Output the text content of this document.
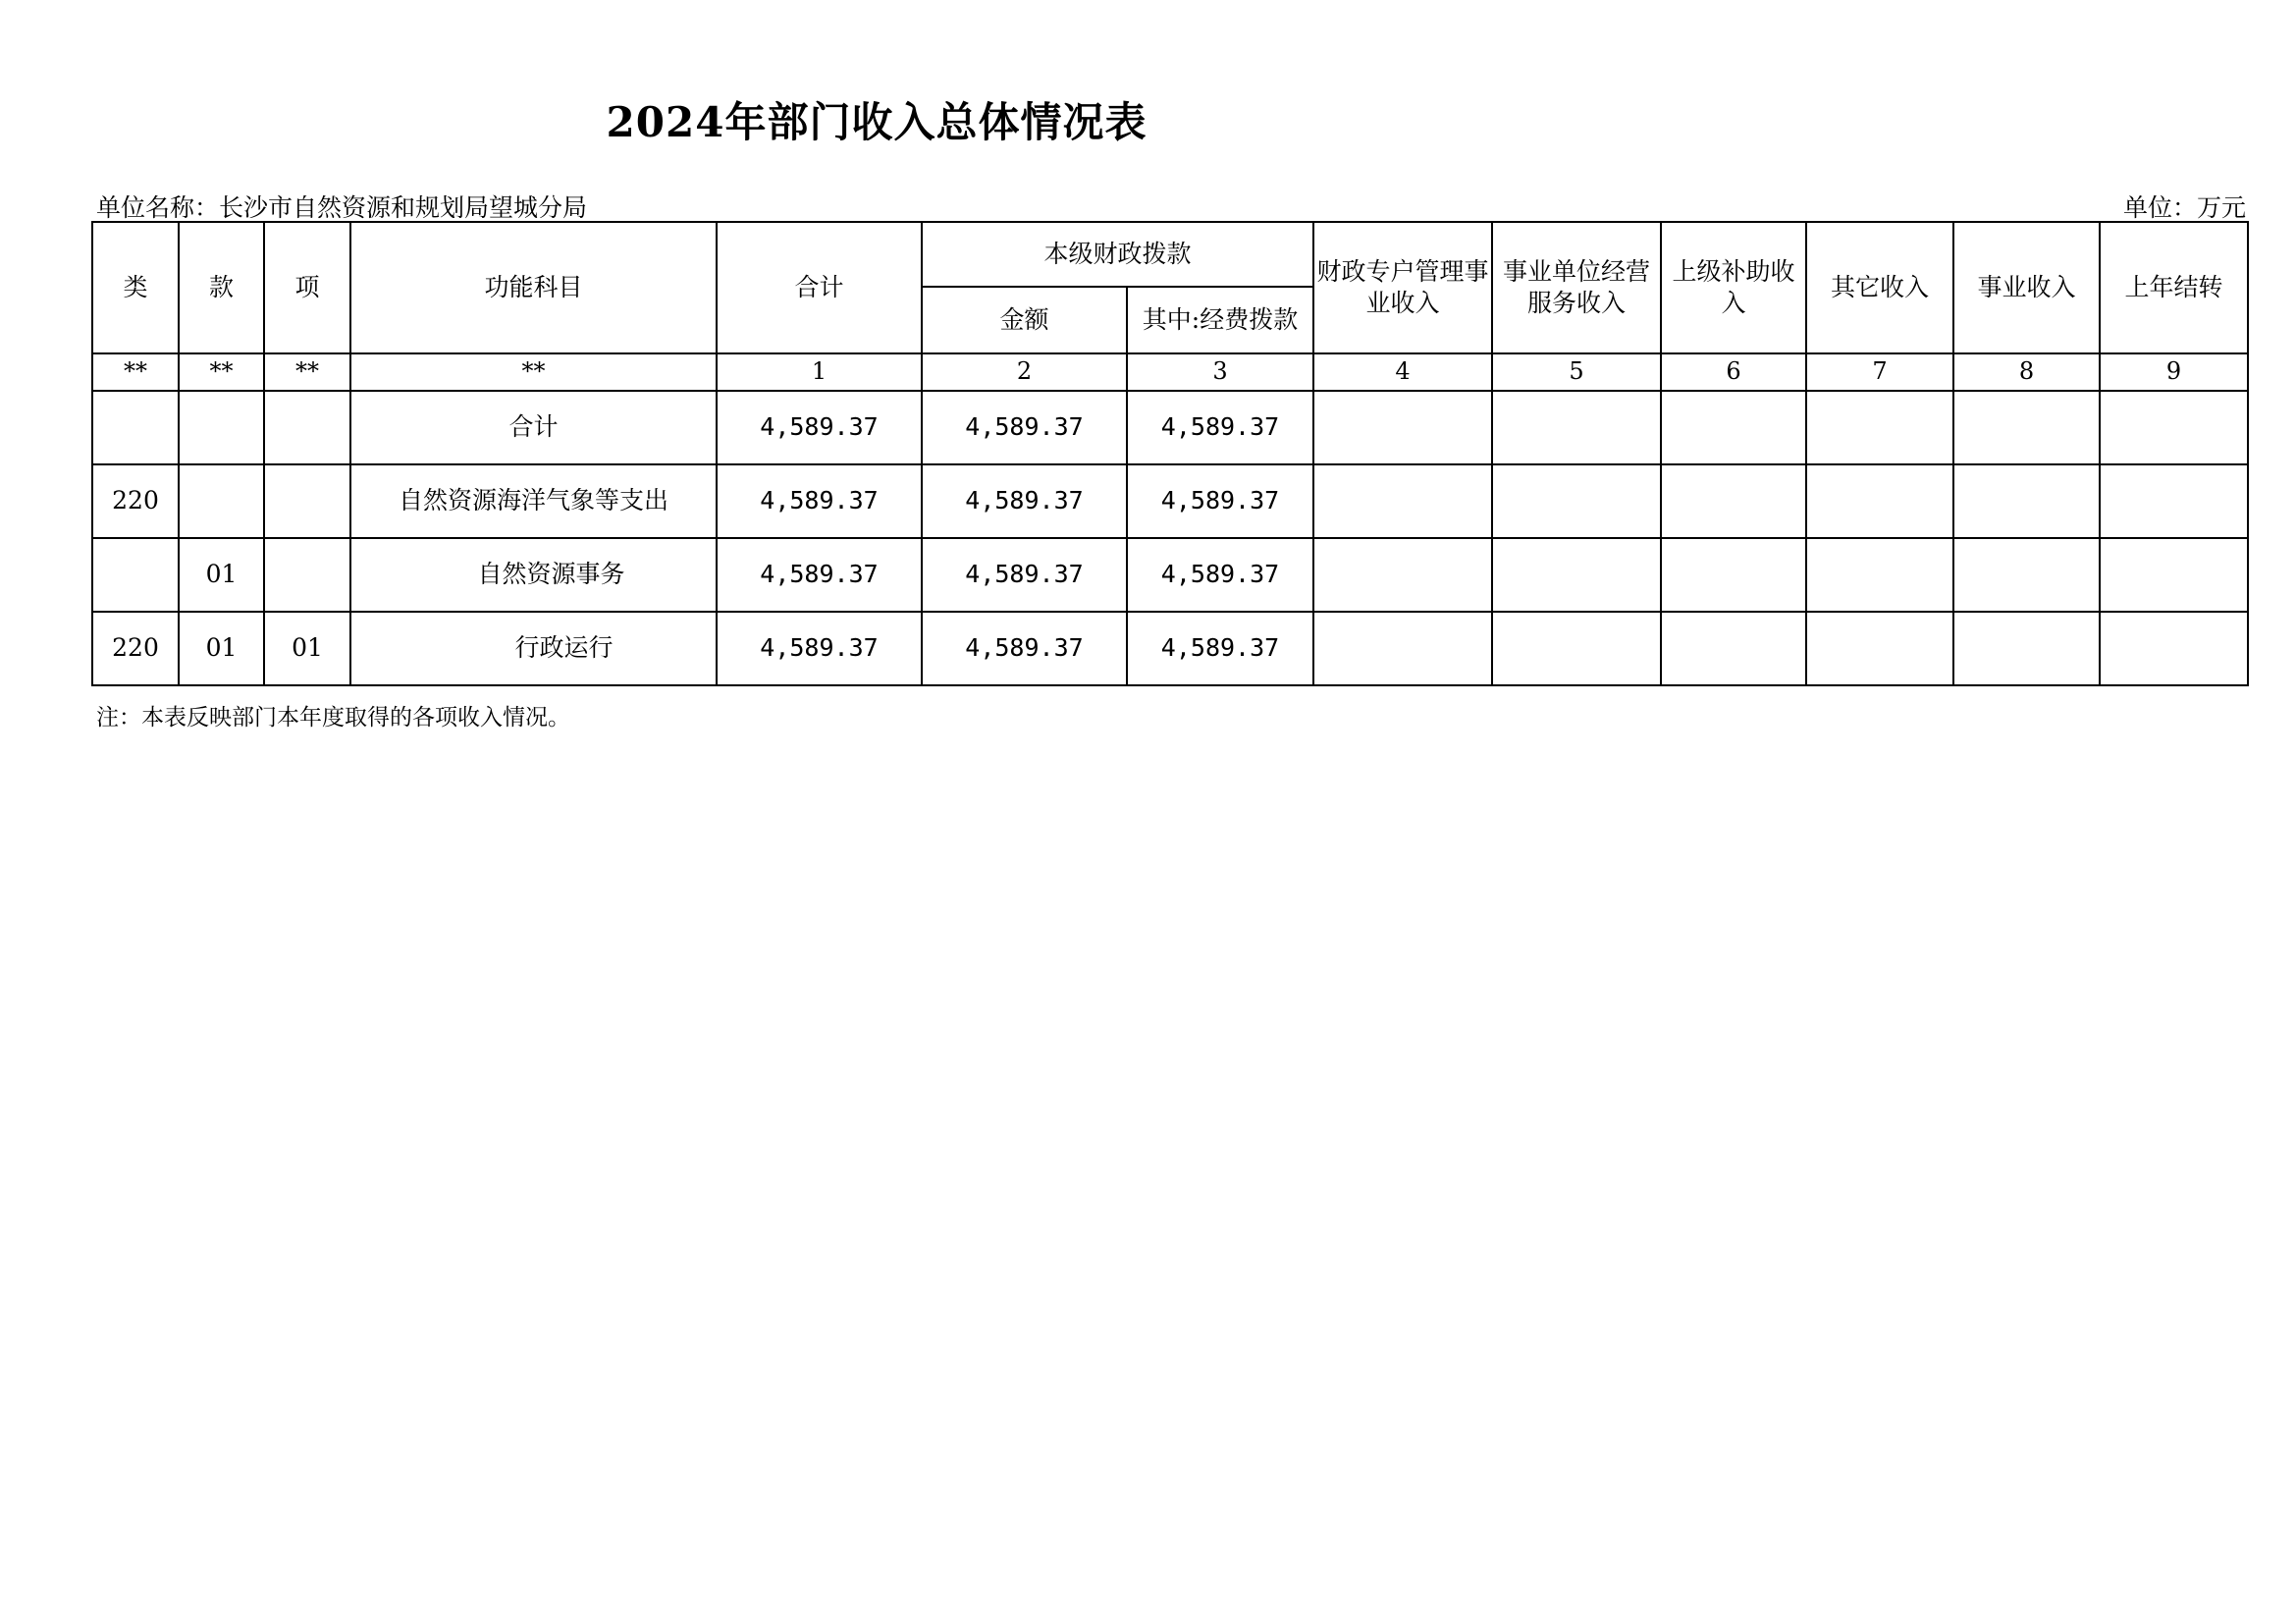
2024年部门收入总体情况表
单位名称：长沙市自然资源和规划局望城分局	单位：万元
类	款	项	功能科目	合计	本级财政拨款		财政专户管理事业收入	事业单位经营服务收入	上级补助收入	其它收入	事业收入	上年结转
					金额	其中:经费拨款						
**	**	**	**	1	2	3	4	5	6	7	8	9
			合计	4,589.37	4,589.37	4,589.37						
220			自然资源海洋气象等支出	4,589.37	4,589.37	4,589.37						
	01		自然资源事务	4,589.37	4,589.37	4,589.37						
220	01	01	行政运行	4,589.37	4,589.37	4,589.37						
注：本表反映部门本年度取得的各项收入情况。
